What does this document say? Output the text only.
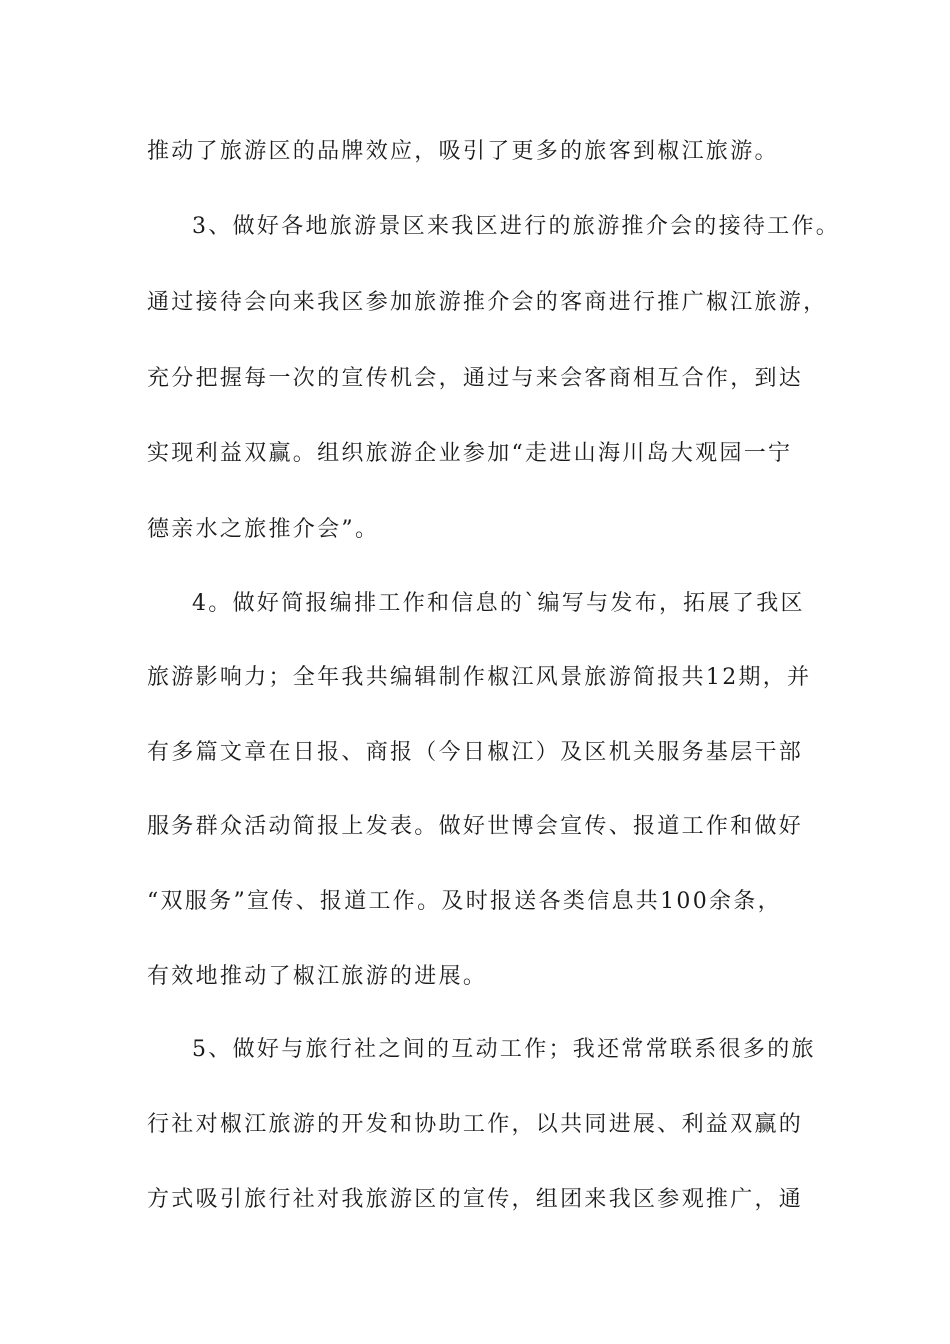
推动了旅游区的品牌效应，吸引了更多的旅客到椒江旅游。
3、做好各地旅游景区来我区进行的旅游推介会的接待工作。
通过接待会向来我区参加旅游推介会的客商进行推广椒江旅游，
充分把握每一次的宣传机会，通过与来会客商相互合作，到达
实现利益双赢。组织旅游企业参加“走进山海川岛大观园一宁
德亲水之旅推介会”。
4。做好简报编排工作和信息的`编写与发布，拓展了我区
旅游影响力；全年我共编辑制作椒江风景旅游简报共12期，并
有多篇文章在日报、商报（今日椒江）及区机关服务基层干部
服务群众活动简报上发表。做好世博会宣传、报道工作和做好
“双服务”宣传、报道工作。及时报送各类信息共100余条，
有效地推动了椒江旅游的进展。
5、做好与旅行社之间的互动工作；我还常常联系很多的旅
行社对椒江旅游的开发和协助工作，以共同进展、利益双赢的
方式吸引旅行社对我旅游区的宣传，组团来我区参观推广，通
